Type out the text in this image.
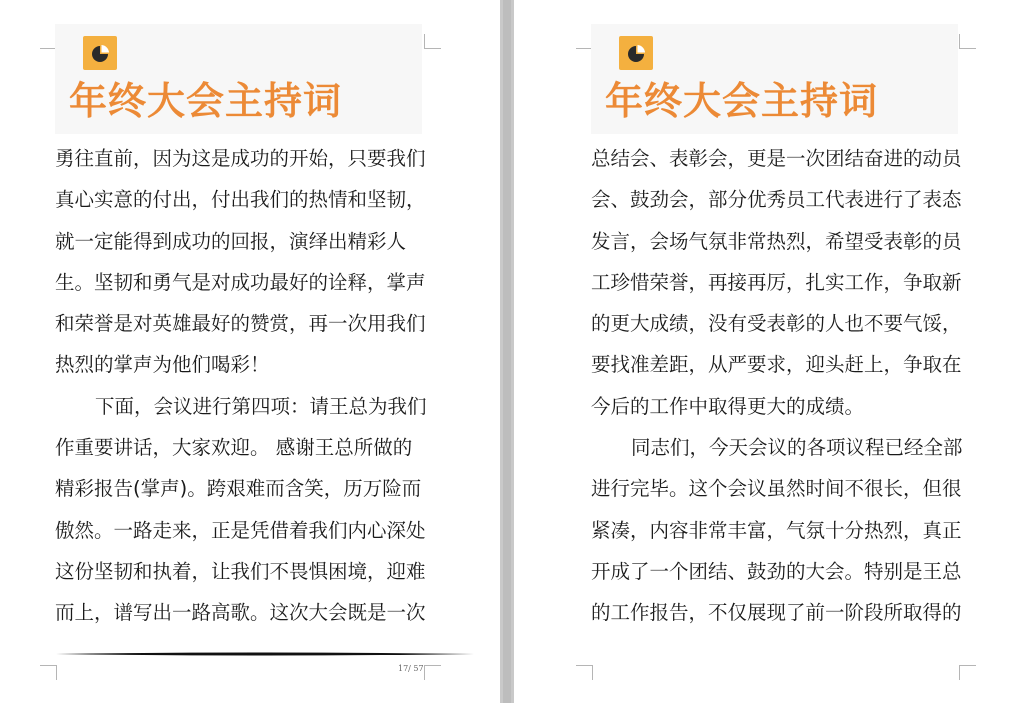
年终大会主持词
勇往直前，因为这是成功的开始，只要我们
真心实意的付出，付出我们的热情和坚韧，
就一定能得到成功的回报，演绎出精彩人
生。坚韧和勇气是对成功最好的诠释，掌声
和荣誉是对英雄最好的赞赏，再一次用我们
热烈的掌声为他们喝彩！
下面，会议进行第四项：请王总为我们
作重要讲话，大家欢迎。 感谢王总所做的
精彩报告(掌声)。跨艰难而含笑，历万险而
傲然。一路走来，正是凭借着我们内心深处
这份坚韧和执着，让我们不畏惧困境，迎难
而上，谱写出一路高歌。这次大会既是一次
17/ 57
年终大会主持词
总结会、表彰会，更是一次团结奋进的动员
会、鼓劲会，部分优秀员工代表进行了表态
发言，会场气氛非常热烈，希望受表彰的员
工珍惜荣誉，再接再厉，扎实工作，争取新
的更大成绩，没有受表彰的人也不要气馁，
要找准差距，从严要求，迎头赶上，争取在
今后的工作中取得更大的成绩。
同志们，今天会议的各项议程已经全部
进行完毕。这个会议虽然时间不很长，但很
紧凑，内容非常丰富，气氛十分热烈，真正
开成了一个团结、鼓劲的大会。特别是王总
的工作报告，不仅展现了前一阶段所取得的
